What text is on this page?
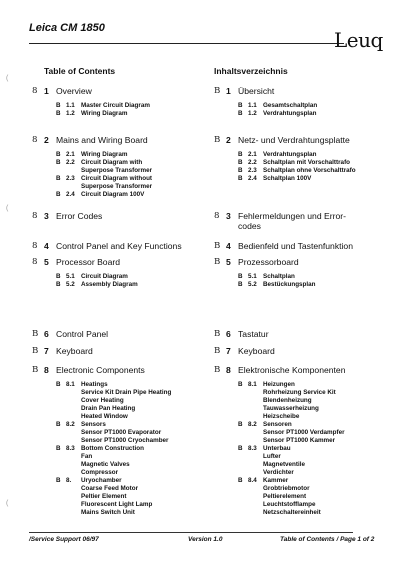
Leica CM 1850	Leuq
Table of Contents
8 1 Overview
B 1.1 Master Circuit Diagram
B 1.2 Wiring Diagram
8 2 Mains and Wiring Board
B 2.1 Wiring Diagram
B 2.2 Circuit Diagram with
Superpose Transformer
B 2.3 Circuit Diagram without
Superpose Transformer
B 2.4 Circuit Diagram 100V
8 3 Error Codes
8 4 Control Panel and Key Functions
8 5 Processor Board
B 5.1 Circuit Diagram
B 5.2 Assembly Diagram
B 6 Control Panel
B 7 Keyboard
B 8 Electronic Components
B 8.1 Heatings
Service Kit Drain Pipe Heating
Cover Heating
Drain Pan Heating
Heated Window
B 8.2 Sensors
Sensor PT1000 Evaporator
Sensor PT1000 Cryochamber
B 8.3 Bottom Construction
Fan
Magnetic Valves
Compressor
B 8.	Uryochamber
Coarse Feed Motor
Peltier Element
Fluorescent Light Lamp
Mains Switch Unit
Inhaltsverzeichnis
B 1 Übersicht
B 1.1 Gesamtschaltplan
B 1.2 Verdrahtungsplan
B 2 Netz- und Verdrahtungsplatte
B 2.1 Verdrahtungsplan
B 2.2 Schaltplan mit Vorschalttrafo
B 2.3 Schaltplan ohne Vorschalttrafo
B 2.4 Schaltplan 100V
8 3 Fehlermeldungen und Error-
codes
B 4 Bedienfeld und Tastenfunktion
B 5 Prozessorboard
B 5.1 Schaltplan
B 5.2 Bestückungsplan
B 6 Tastatur
B 7 Keyboard
B 8 Elektronische Komponenten
B 8.1 Heizungen
Rohrheizung Service Kit
Blendenheizung
Tauwasserheizung
Heizscheibe
B 8.2 Sensoren
Sensor PT1000 Verdampfer
Sensor PT1000 Kammer
B 8.3 Unterbau
Lufter
Magnetventile
Verdichter
B 8.4 Kammer
Grobtriebmotor
Peltierelement
Leuchtstofflampe
Netzschaltereinheit
/Service Support 06/97	Version 1.0	Table of Contents / Page 1 of 2
(
(
(
